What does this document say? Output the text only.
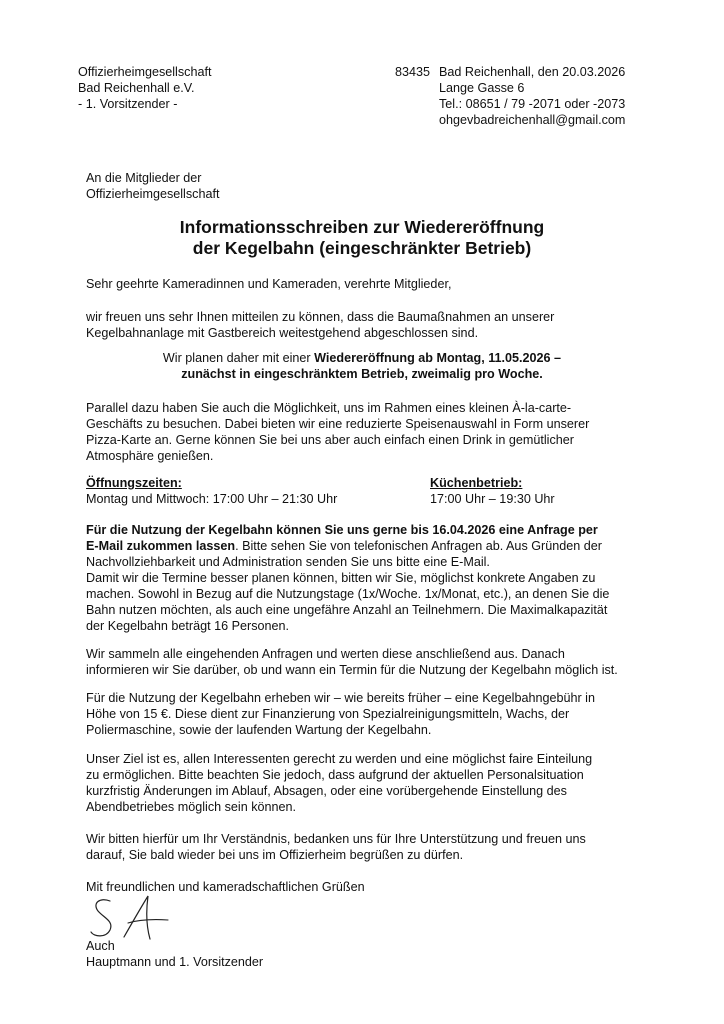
Offizierheimgesellschaft
Bad Reichenhall e.V.
- 1. Vorsitzender -
83435 Bad Reichenhall, den 20.03.2026
Lange Gasse 6
Tel.: 08651 / 79 -2071 oder -2073
ohgevbadreichenhall@gmail.com
An die Mitglieder der
Offizierheimgesellschaft
Informationsschreiben zur Wiedereröffnung
der Kegelbahn (eingeschränkter Betrieb)
Sehr geehrte Kameradinnen und Kameraden, verehrte Mitglieder,
wir freuen uns sehr Ihnen mitteilen zu können, dass die Baumaßnahmen an unserer
Kegelbahnanlage mit Gastbereich weitestgehend abgeschlossen sind.
Wir planen daher mit einer Wiedereröffnung ab Montag, 11.05.2026 –
zunächst in eingeschränktem Betrieb, zweimalig pro Woche.
Parallel dazu haben Sie auch die Möglichkeit, uns im Rahmen eines kleinen À-la-carte-
Geschäfts zu besuchen. Dabei bieten wir eine reduzierte Speisenauswahl in Form unserer
Pizza-Karte an. Gerne können Sie bei uns aber auch einfach einen Drink in gemütlicher
Atmosphäre genießen.
Öffnungszeiten:
Montag und Mittwoch: 17:00 Uhr – 21:30 Uhr
Küchenbetrieb:
17:00 Uhr – 19:30 Uhr
Für die Nutzung der Kegelbahn können Sie uns gerne bis 16.04.2026 eine Anfrage per
E-Mail zukommen lassen. Bitte sehen Sie von telefonischen Anfragen ab. Aus Gründen der
Nachvollziehbarkeit und Administration senden Sie uns bitte eine E-Mail.
Damit wir die Termine besser planen können, bitten wir Sie, möglichst konkrete Angaben zu
machen. Sowohl in Bezug auf die Nutzungstage (1x/Woche. 1x/Monat, etc.), an denen Sie die
Bahn nutzen möchten, als auch eine ungefähre Anzahl an Teilnehmern. Die Maximalkapazität
der Kegelbahn beträgt 16 Personen.
Wir sammeln alle eingehenden Anfragen und werten diese anschließend aus. Danach
informieren wir Sie darüber, ob und wann ein Termin für die Nutzung der Kegelbahn möglich ist.
Für die Nutzung der Kegelbahn erheben wir – wie bereits früher – eine Kegelbahngebühr in
Höhe von 15 €. Diese dient zur Finanzierung von Spezialreinigungsmitteln, Wachs, der
Poliermaschine, sowie der laufenden Wartung der Kegelbahn.
Unser Ziel ist es, allen Interessenten gerecht zu werden und eine möglichst faire Einteilung
zu ermöglichen. Bitte beachten Sie jedoch, dass aufgrund der aktuellen Personalsituation
kurzfristig Änderungen im Ablauf, Absagen, oder eine vorübergehende Einstellung des
Abendbetriebes möglich sein können.
Wir bitten hierfür um Ihr Verständnis, bedanken uns für Ihre Unterstützung und freuen uns
darauf, Sie bald wieder bei uns im Offizierheim begrüßen zu dürfen.
Mit freundlichen und kameradschaftlichen Grüßen
Auch
Hauptmann und 1. Vorsitzender
